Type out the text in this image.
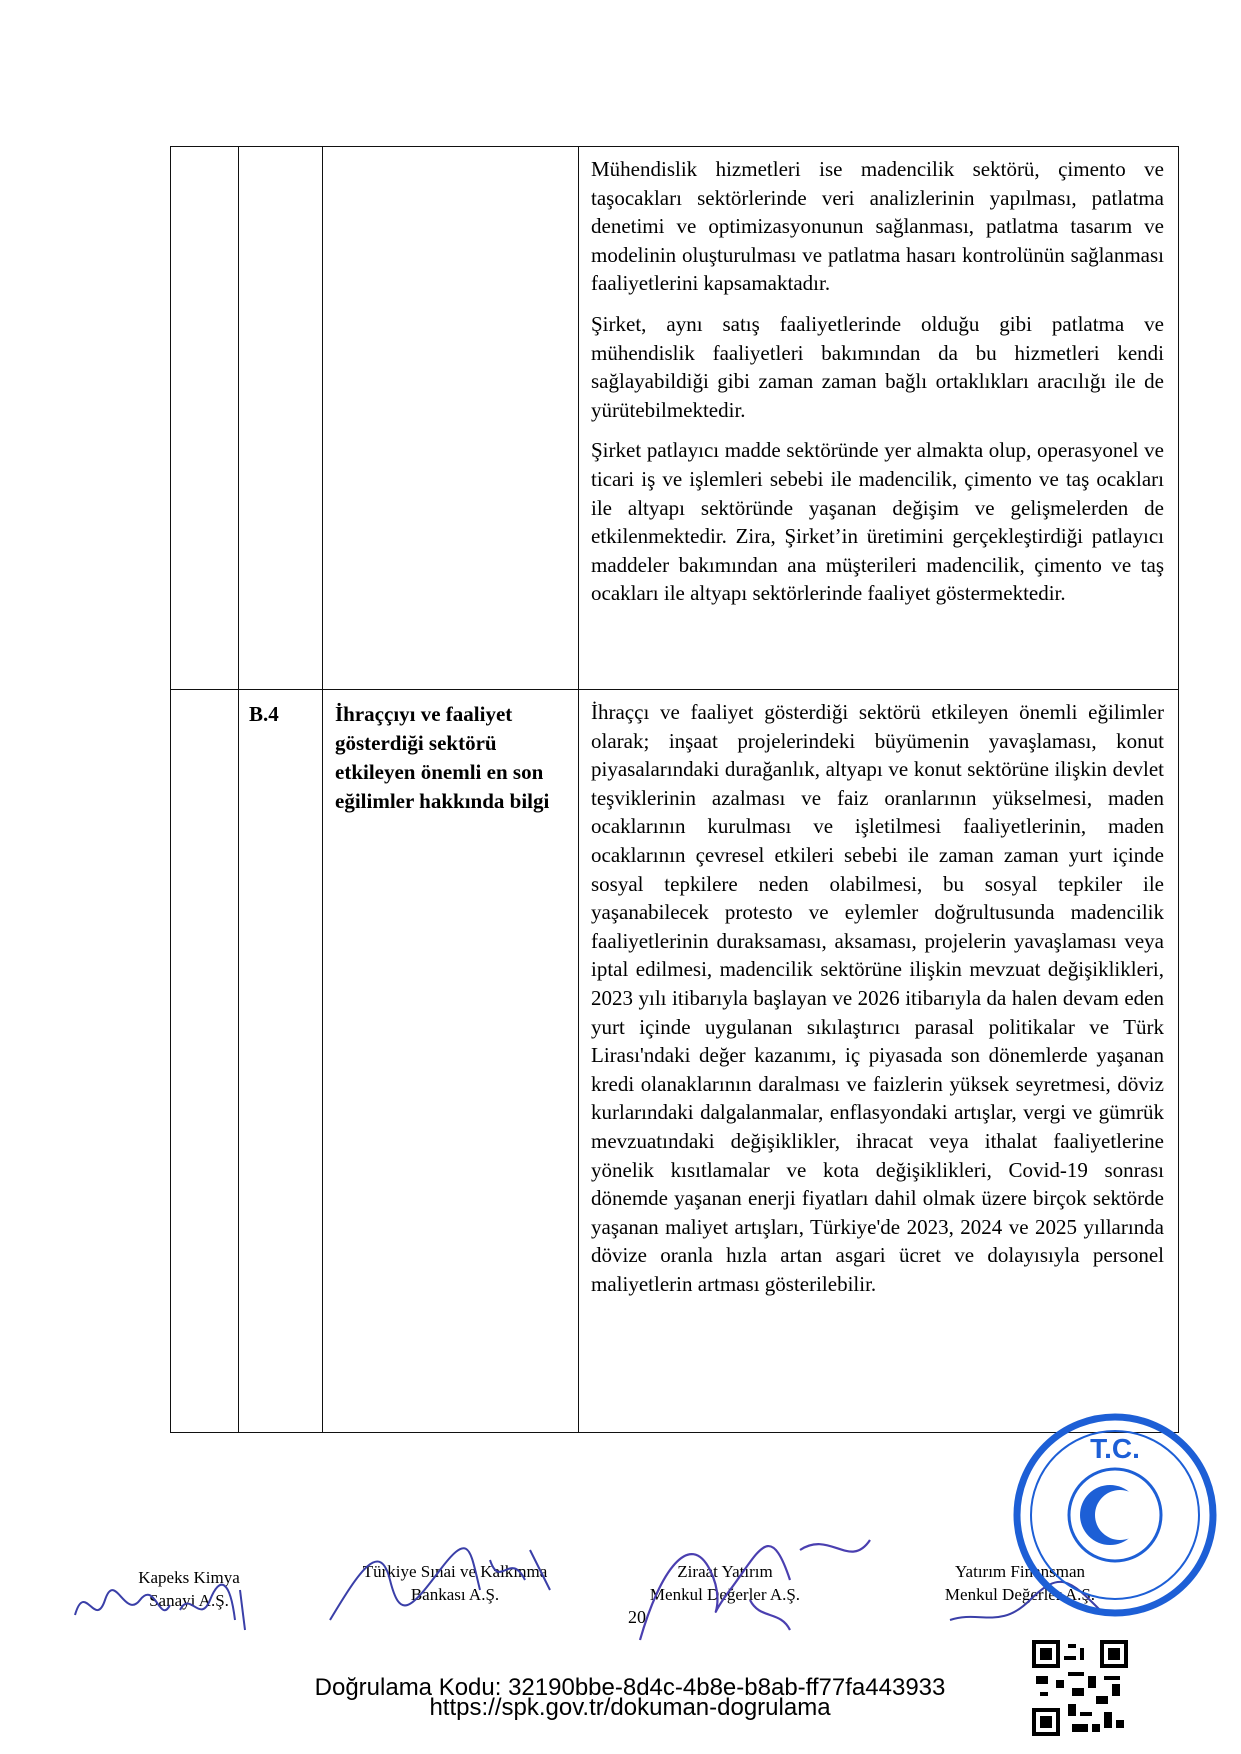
			Mühendislik hizmetleri ise madencilik sektörü, çimento ve taşocakları sektörlerinde veri analizlerinin yapılması, patlatma denetimi ve optimizasyonunun sağlanması, patlatma tasarım ve modelinin oluşturulması ve patlatma hasarı kontrolünün sağlanması faaliyetlerini kapsamaktadır.

Şirket, aynı satış faaliyetlerinde olduğu gibi patlatma ve mühendislik faaliyetleri bakımından da bu hizmetleri kendi sağlayabildiği gibi zaman zaman bağlı ortaklıkları aracılığı ile de yürütebilmektedir.

Şirket patlayıcı madde sektöründe yer almakta olup, operasyonel ve ticari iş ve işlemleri sebebi ile madencilik, çimento ve taş ocakları ile altyapı sektöründe yaşanan değişim ve gelişmelerden de etkilenmektedir. Zira, Şirket’in üretimini gerçekleştirdiği patlayıcı maddeler bakımından ana müşterileri madencilik, çimento ve taş ocakları ile altyapı sektörlerinde faaliyet göstermektedir.

	B.4	İhraççıyı ve faaliyet gösterdiği sektörü etkileyen önemli en son eğilimler hakkında bilgi	İhraççı ve faaliyet gösterdiği sektörü etkileyen önemli eğilimler olarak; inşaat projelerindeki büyümenin yavaşlaması, konut piyasalarındaki durağanlık, altyapı ve konut sektörüne ilişkin devlet teşviklerinin azalması ve faiz oranlarının yükselmesi, maden ocaklarının kurulması ve işletilmesi faaliyetlerinin, maden ocaklarının çevresel etkileri sebebi ile zaman zaman yurt içinde sosyal tepkilere neden olabilmesi, bu sosyal tepkiler ile yaşanabilecek protesto ve eylemler doğrultusunda madencilik faaliyetlerinin duraksaması, aksaması, projelerin yavaşlaması veya iptal edilmesi, madencilik sektörüne ilişkin mevzuat değişiklikleri, 2023 yılı itibarıyla başlayan ve 2026 itibarıyla da halen devam eden yurt içinde uygulanan sıkılaştırıcı parasal politikalar ve Türk Lirası'ndaki değer kazanımı, iç piyasada son dönemlerde yaşanan kredi olanaklarının daralması ve faizlerin yüksek seyretmesi, döviz kurlarındaki dalgalanmalar, enflasyondaki artışlar, vergi ve gümrük mevzuatındaki değişiklikler, ihracat veya ithalat faaliyetlerine yönelik kısıtlamalar ve kota değişiklikleri, Covid-19 sonrası dönemde yaşanan enerji fiyatları dahil olmak üzere birçok sektörde yaşanan maliyet artışları, Türkiye'de 2023, 2024 ve 2025 yıllarında dövize oranla hızla artan asgari ücret ve dolayısıyla personel maliyetlerin artması gösterilebilir.

Kapeks Kimya
Sanayi A.Ş.
Türkiye Sınai ve Kalkınma
Bankası A.Ş.
Ziraat Yatırım
Menkul Değerler A.Ş.
Yatırım Finansman
Menkul Değerler A.Ş.
20
T.C.
Doğrulama Kodu: 32190bbe-8d4c-4b8e-b8ab-ff77fa443933
https://spk.gov.tr/dokuman-dogrulama
